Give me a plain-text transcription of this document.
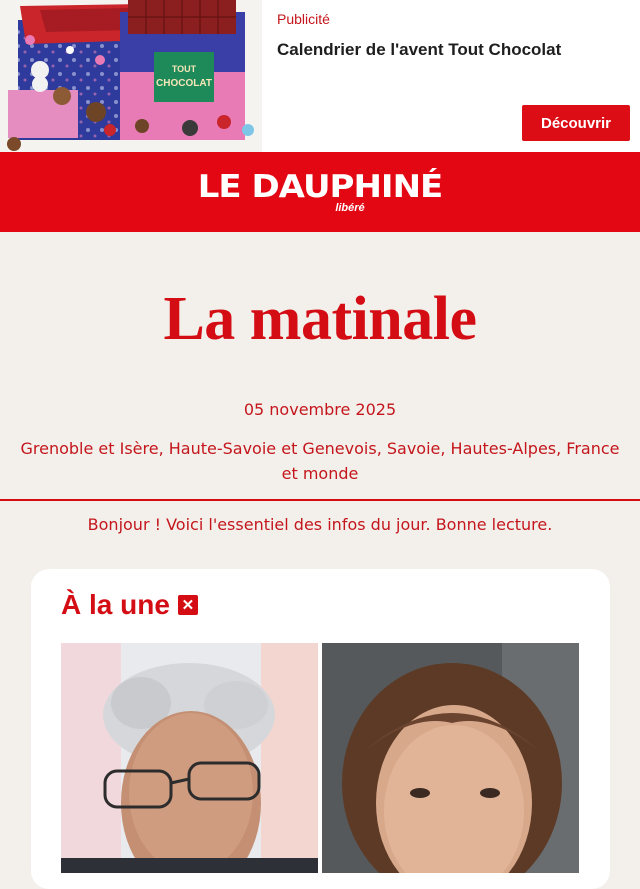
TOUT
CHOCOLAT
Publicité
Calendrier de l'avent Tout Chocolat
Découvrir
LE DAUPHINÉ
libéré
La matinale
05 novembre 2025
Grenoble et Isère, Haute-Savoie et Genevois, Savoie, Hautes-Alpes, France et monde
Bonjour ! Voici l'essentiel des infos du jour. Bonne lecture.
À la une ✕
